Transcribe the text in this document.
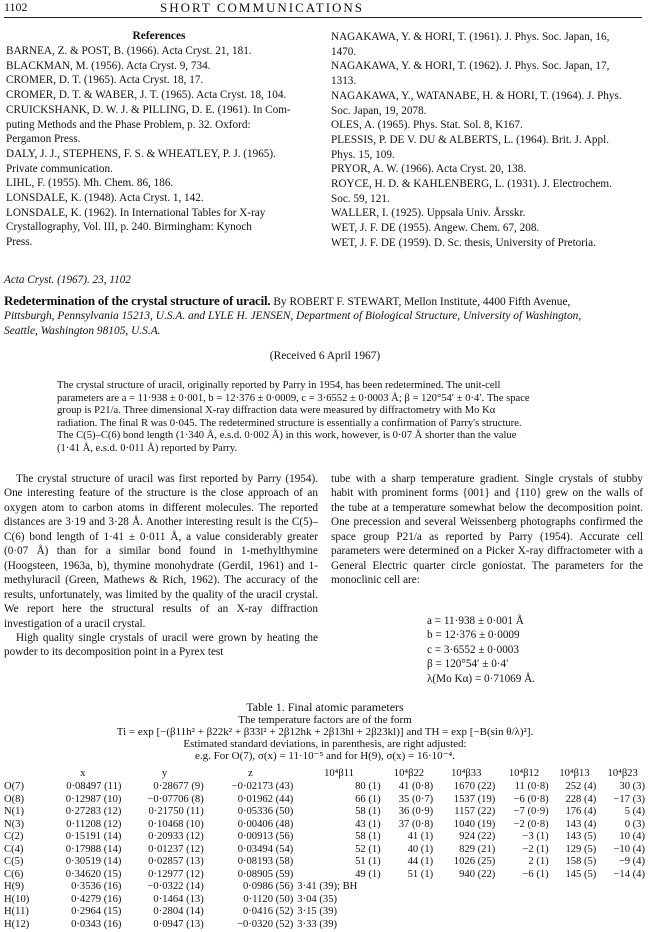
1102	SHORT COMMUNICATIONS
References

BARNEA, Z. & POST, B. (1966). Acta Cryst. 21, 181.

BLACKMAN, M. (1956). Acta Cryst. 9, 734.

CROMER, D. T. (1965). Acta Cryst. 18, 17.

CROMER, D. T. & WABER, J. T. (1965). Acta Cryst. 18, 104.

CRUICKSHANK, D. W. J. & PILLING, D. E. (1961). In Com-

puting Methods and the Phase Problem, p. 32. Oxford:

Pergamon Press.

DALY, J. J., STEPHENS, F. S. & WHEATLEY, P. J. (1965).

Private communication.

LIHL, F. (1955). Mh. Chem. 86, 186.

LONSDALE, K. (1948). Acta Cryst. 1, 142.

LONSDALE, K. (1962). In International Tables for X-ray

Crystallography, Vol. III, p. 240. Birmingham: Kynoch

Press.

NAGAKAWA, Y. & HORI, T. (1961). J. Phys. Soc. Japan, 16,

1470.

NAGAKAWA, Y. & HORI, T. (1962). J. Phys. Soc. Japan, 17,

1313.

NAGAKAWA, Y., WATANABE, H. & HORI, T. (1964). J. Phys.

Soc. Japan, 19, 2078.

OLES, A. (1965). Phys. Stat. Sol. 8, K167.

PLESSIS, P. DE V. DU & ALBERTS, L. (1964). Brit. J. Appl.

Phys. 15, 109.

PRYOR, A. W. (1966). Acta Cryst. 20, 138.

ROYCE, H. D. & KAHLENBERG, L. (1931). J. Electrochem.

Soc. 59, 121.

WALLER, I. (1925). Uppsala Univ. Årsskr.

WET, J. F. DE (1955). Angew. Chem. 67, 208.

WET, J. F. DE (1959). D. Sc. thesis, University of Pretoria.

Acta Cryst. (1967). 23, 1102
Redetermination of the crystal structure of uracil. By ROBERT F. STEWART, Mellon Institute, 4400 Fifth Avenue,
Pittsburgh, Pennsylvania 15213, U.S.A. and LYLE H. JENSEN, Department of Biological Structure, University of Washington,
Seattle, Washington 98105, U.S.A.
(Received 6 April 1967)

The crystal structure of uracil, originally reported by Parry in 1954, has been redetermined. The unit-cell

parameters are a = 11·938 ± 0·001, b = 12·376 ± 0·0009, c = 3·6552 ± 0·0003 Å; β = 120°54′ ± 0·4′. The space

group is P21/a. Three dimensional X-ray diffraction data were measured by diffractometry with Mo Kα

radiation. The final R was 0·045. The redetermined structure is essentially a confirmation of Parry's structure.

The C(5)–C(6) bond length (1·340 Å, e.s.d. 0·002 Å) in this work, however, is 0·07 Å shorter than the value

(1·41 Å, e.s.d. 0·011 Å) reported by Parry.

The crystal structure of uracil was first reported by Parry (1954). One interesting feature of the structure is the close approach of an oxygen atom to carbon atoms in different molecules. The reported distances are 3·19 and 3·28 Å. Another interesting result is the C(5)–C(6) bond length of 1·41 ± 0·011 Å, a value considerably greater (0·07 Å) than for a similar bond found in 1-methylthymine (Hoogsteen, 1963a, b), thymine monohydrate (Gerdil, 1961) and 1-methyluracil (Green, Mathews & Rich, 1962). The accuracy of the results, unfortunately, was limited by the quality of the uracil crystal. We report here the structural results of an X-ray diffraction investigation of a uracil crystal.

High quality single crystals of uracil were grown by heating the powder to its decomposition point in a Pyrex test

tube with a sharp temperature gradient. Single crystals of stubby habit with prominent forms {001} and {110} grew on the walls of the tube at a temperature somewhat below the decomposition point. One precession and several Weissenberg photographs confirmed the space group P21/a as reported by Parry (1954). Accurate cell parameters were determined on a Picker X-ray diffractometer with a General Electric quarter circle goniostat. The parameters for the monoclinic cell are:

a = 11·938 ± 0·001 Å
b = 12·376 ± 0·0009
c = 3·6552 ± 0·0003
β = 120°54′ ± 0·4′
λ(Mo Kα) = 0·71069 Å.
Table 1. Final atomic parameters
The temperature factors are of the form
Ti = exp [−(β11h² + β22k² + β33l² + 2β12hk + 2β13hl + 2β23kl)] and TH = exp [−B(sin θ/λ)²].
Estimated standard deviations, in parenthesis, are right adjusted:
e.g. For O(7), σ(x) = 11·10⁻⁵ and for H(9), σ(x) = 16·10⁻⁴.
	x	y	z	10⁴β11	10⁴β22	10⁴β33	10⁴β12	10⁴β13	10⁴β23
O(7)	0·08497 (11)	0·28677 (9)	−0·02173 (43)	80 (1)	41 (0·8)	1670 (22)	11 (0·8)	252 (4)	30 (3)
O(8)	0·12987 (10)	−0·07706 (8)	0·01962 (44)	66 (1)	35 (0·7)	1537 (19)	−6 (0·8)	228 (4)	−17 (3)
N(1)	0·27283 (12)	0·21750 (11)	0·05336 (50)	58 (1)	36 (0·9)	1157 (22)	−7 (0·9)	176 (4)	5 (4)
N(3)	0·11208 (12)	0·10468 (10)	0·00406 (48)	43 (1)	37 (0·8)	1040 (19)	−2 (0·8)	143 (4)	0 (3)
C(2)	0·15191 (14)	0·20933 (12)	0·00913 (56)	58 (1)	41 (1)	924 (22)	−3 (1)	143 (5)	10 (4)
C(4)	0·17988 (14)	0·01237 (12)	0·03494 (54)	52 (1)	40 (1)	829 (21)	−2 (1)	129 (5)	−10 (4)
C(5)	0·30519 (14)	0·02857 (13)	0·08193 (58)	51 (1)	44 (1)	1026 (25)	2 (1)	158 (5)	−9 (4)
C(6)	0·34620 (15)	0·12977 (12)	0·08905 (59)	49 (1)	51 (1)	940 (22)	−6 (1)	145 (5)	−14 (4)
H(9)	0·3536 (16)	−0·0322 (14)	0·0986 (56)	3·41 (39); BH					
H(10)	0·4279 (16)	0·1464 (13)	0·1120 (50)	3·04 (35)					
H(11)	0·2964 (15)	0·2804 (14)	0·0416 (52)	3·15 (39)					
H(12)	0·0343 (16)	0·0947 (13)	−0·0320 (52)	3·33 (39)					
